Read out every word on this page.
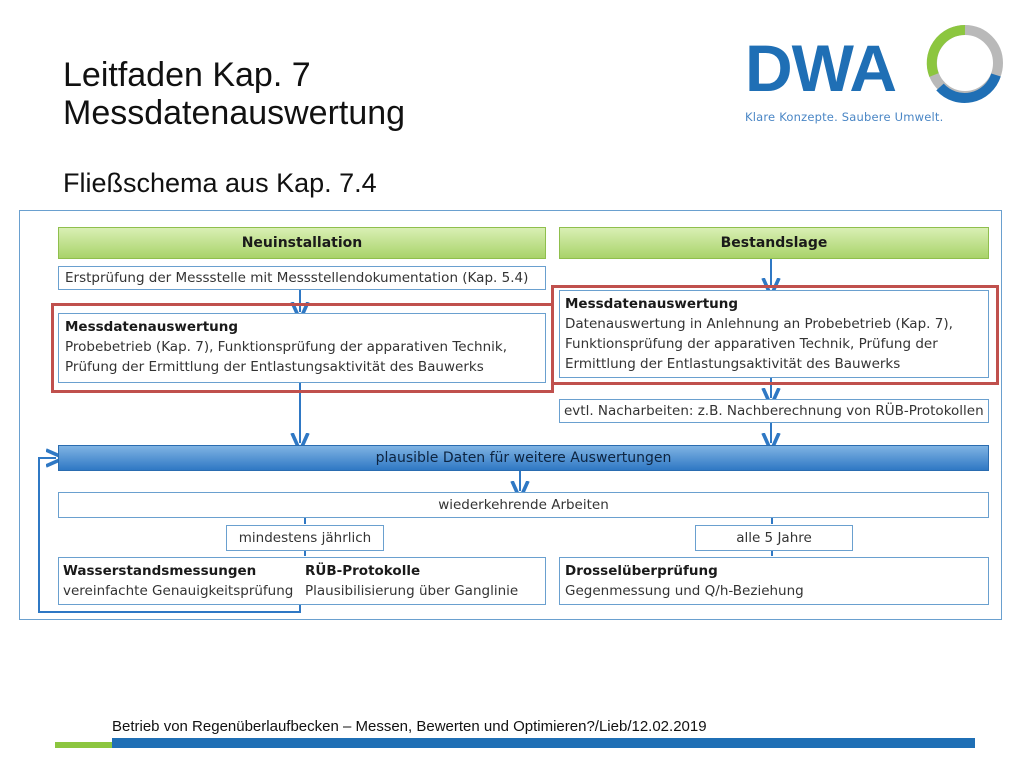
Leitfaden Kap. 7
Messdatenauswertung
Fließschema aus Kap. 7.4
DWA
Klare Konzepte. Saubere Umwelt.
Neuinstallation	Bestandslage
Erstprüfung der Messstelle mit Messstellendokumentation (Kap. 5.4)
Messdatenauswertung
Probebetrieb (Kap. 7), Funktionsprüfung der apparativen Technik,
Prüfung der Ermittlung der Entlastungsaktivität des Bauwerks
Messdatenauswertung
Datenauswertung in Anlehnung an Probebetrieb (Kap. 7),
Funktionsprüfung der apparativen Technik, Prüfung der
Ermittlung der Entlastungsaktivität des Bauwerks
evtl. Nacharbeiten: z.B. Nachberechnung von RÜB-Protokollen
plausible Daten für weitere Auswertungen
wiederkehrende Arbeiten
mindestens jährlich	alle 5 Jahre
Wasserstandsmessungen
vereinfachte Genauigkeitsprüfung
RÜB-Protokolle
Plausibilisierung über Ganglinie
Drosselüberprüfung
Gegenmessung und Q/h-Beziehung
Betrieb von Regenüberlaufbecken – Messen, Bewerten und Optimieren?/Lieb/12.02.2019
